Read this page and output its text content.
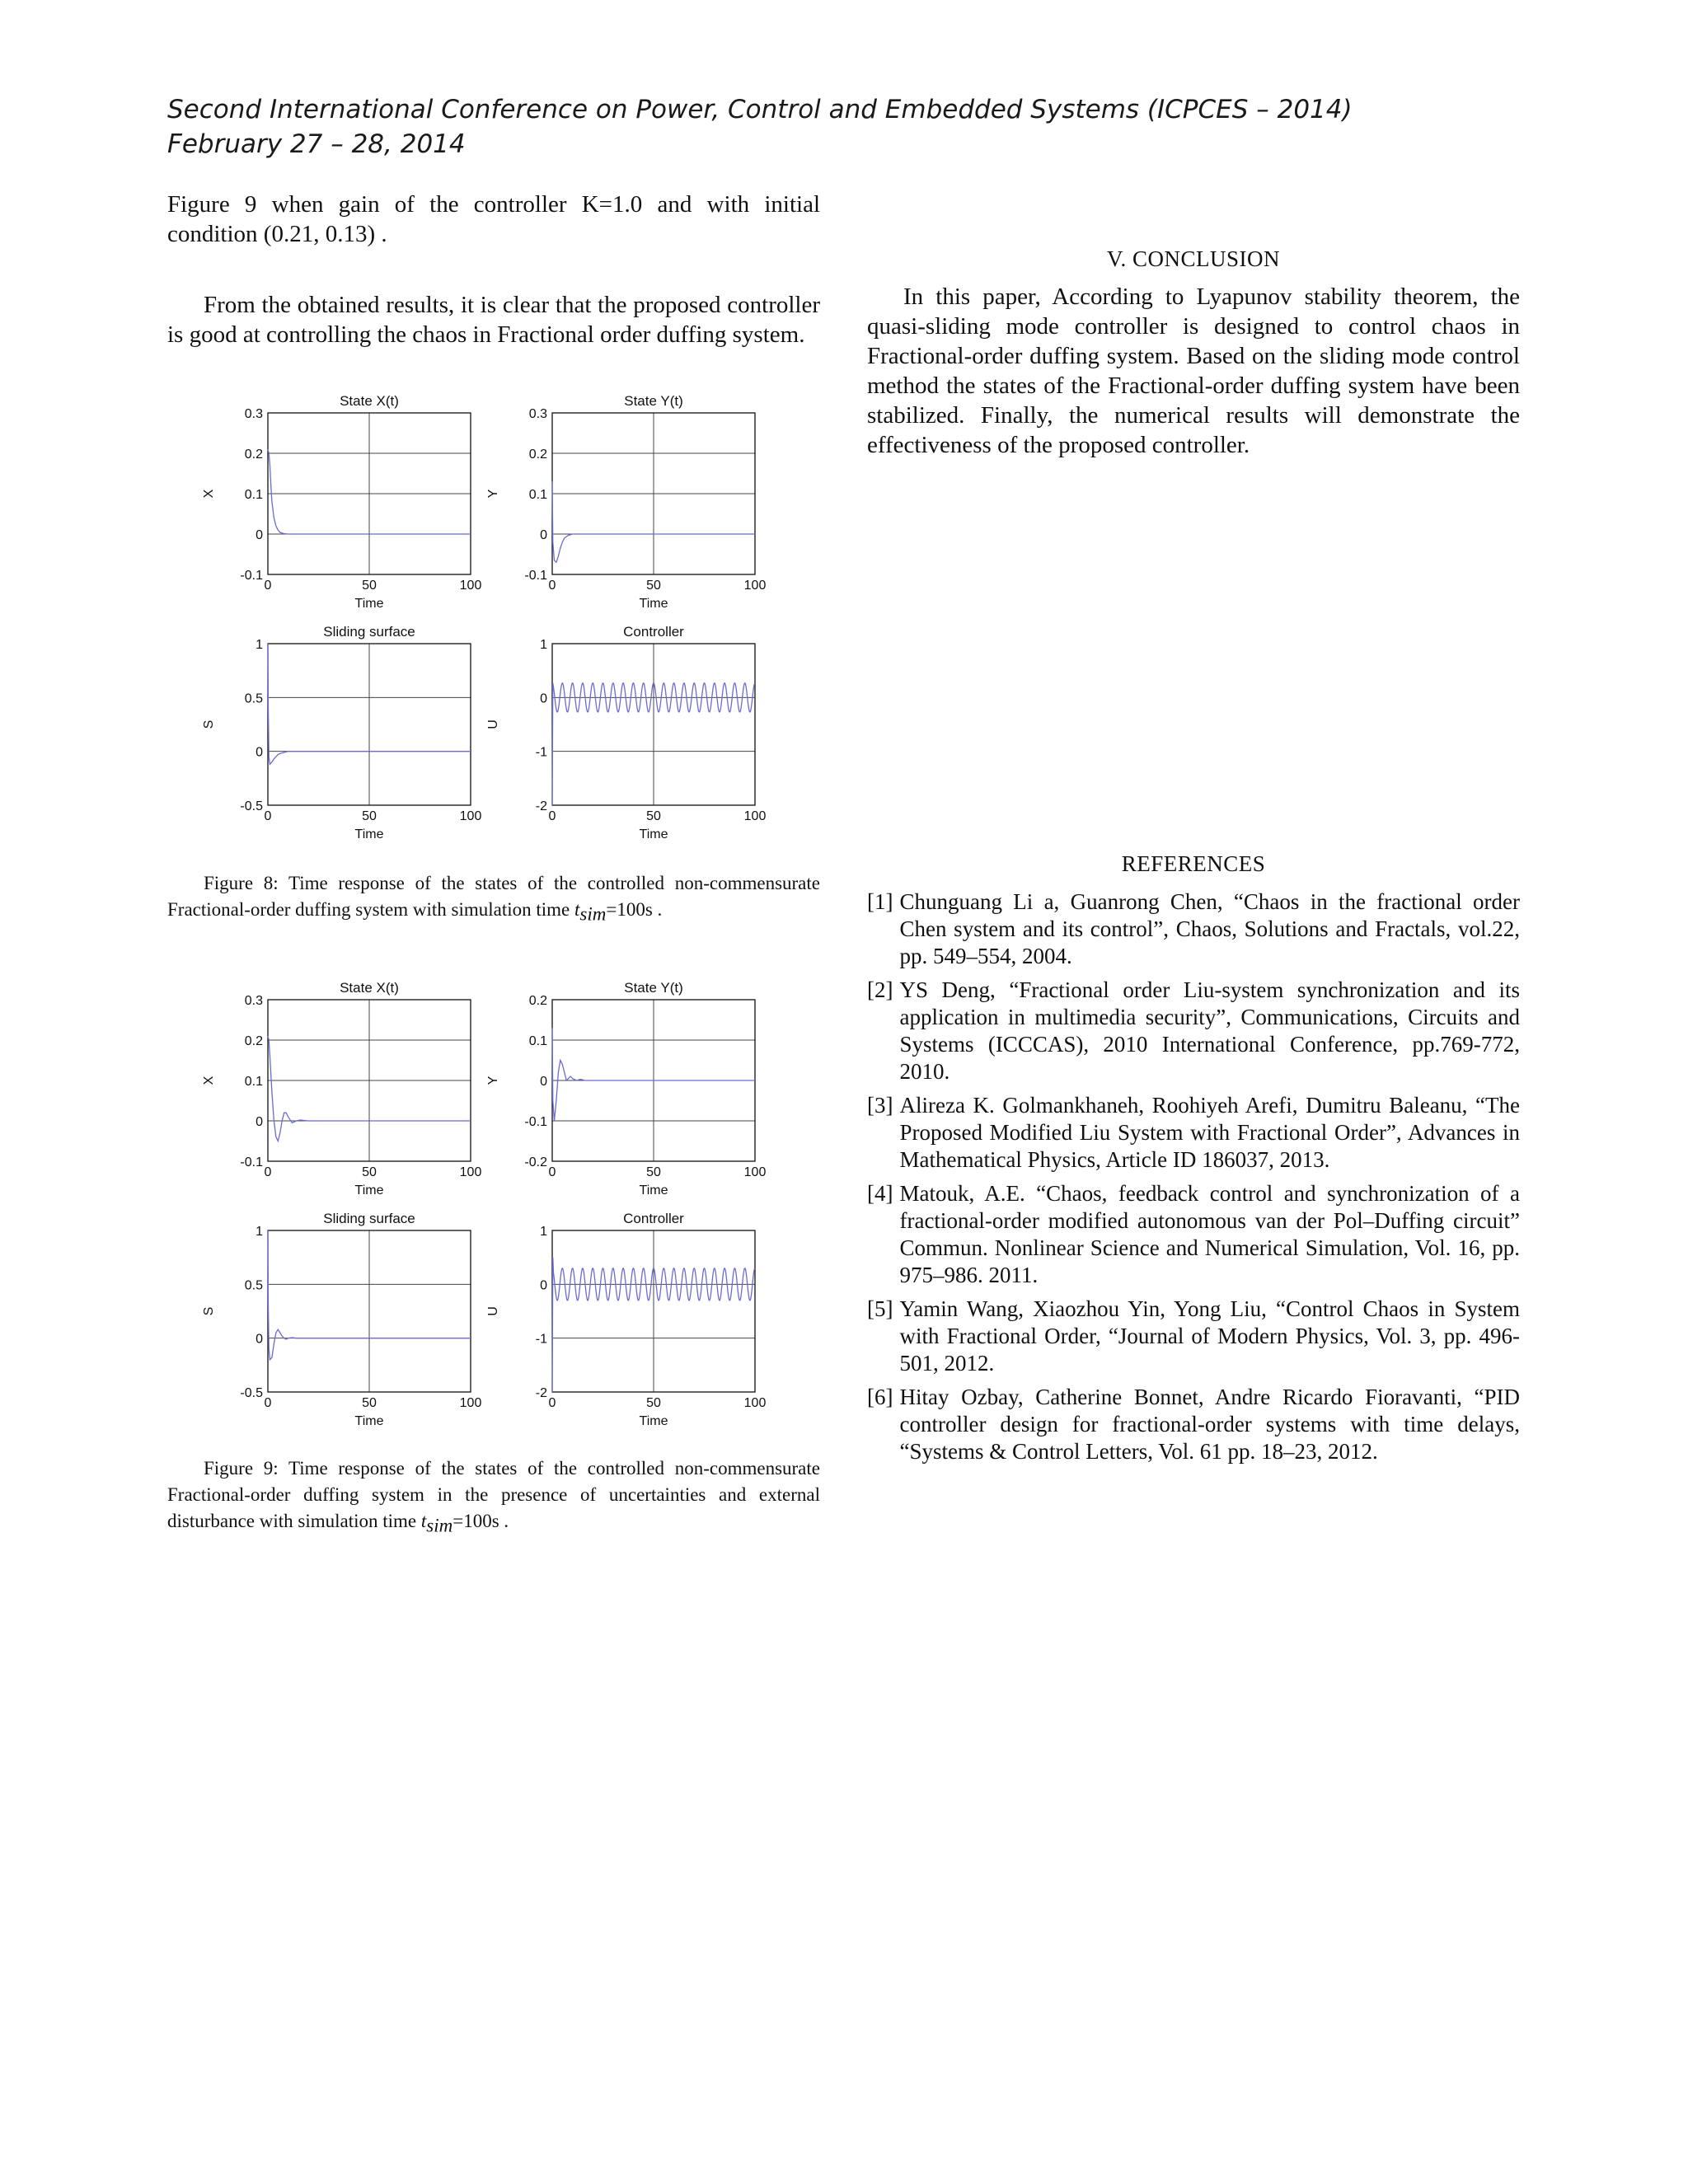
Second International Conference on Power, Control and Embedded Systems (ICPCES – 2014)
February 27 – 28, 2014

Figure 9 when gain of the controller K=1.0 and with initial condition (0.21, 0.13) .

From the obtained results, it is clear that the proposed controller is good at controlling the chaos in Fractional order duffing system.

State X(t)
0	50	100
-0.1
0
0.1
0.2
0.3
Time
X
State Y(t)
0	50	100
-0.1
0
0.1
0.2
0.3
Time
Y
Sliding surface
0	50	100
-0.5
0
0.5
1
Time
S
Controller
0	50	100
-2
-1
0
1
Time
U
Figure 8: Time response of the states of the controlled non-commensurate Fractional-order duffing system with simulation time $t_{sim}=100s$ .
State X(t)
0	50	100
-0.1
0
0.1
0.2
0.3
Time
X
State Y(t)
0	50	100
-0.2
-0.1
0
0.1
0.2
Time
Y
Sliding surface
0	50	100
-0.5
0
0.5
1
Time
S
Controller
0	50	100
-2
-1
0
1
Time
U
Figure 9: Time response of the states of the controlled non-commensurate Fractional-order duffing system in the presence of uncertainties and external disturbance with simulation time $t_{sim}=100s$ .
V. CONCLUSION

In this paper, According to Lyapunov stability theorem, the quasi-sliding mode controller is designed to control chaos in Fractional-order duffing system. Based on the sliding mode control method the states of the Fractional-order duffing system have been stabilized. Finally, the numerical results will demonstrate the effectiveness of the proposed controller.

REFERENCES
[1] Chunguang Li a, Guanrong Chen, “Chaos in the fractional order Chen system and its control”, Chaos, Solutions and Fractals, vol.22, pp. 549–554, 2004.
[2] YS Deng, “Fractional order Liu-system synchronization and its application in multimedia security”, Communications, Circuits and Systems (ICCCAS), 2010 International Conference, pp.769-772, 2010.
[3] Alireza K. Golmankhaneh, Roohiyeh Arefi, Dumitru Baleanu, “The Proposed Modified Liu System with Fractional Order”, Advances in Mathematical Physics, Article ID 186037, 2013.
[4] Matouk, A.E. “Chaos, feedback control and synchronization of a fractional-order modified autonomous van der Pol–Duffing circuit” Commun. Nonlinear Science and Numerical Simulation, Vol. 16, pp. 975–986. 2011.
[5] Yamin Wang, Xiaozhou Yin, Yong Liu, “Control Chaos in System with Fractional Order, “Journal of Modern Physics, Vol. 3, pp. 496-501, 2012.
[6] Hitay Ozbay, Catherine Bonnet, Andre Ricardo Fioravanti, “PID controller design for fractional-order systems with time delays, “Systems & Control Letters, Vol. 61 pp. 18–23, 2012.
